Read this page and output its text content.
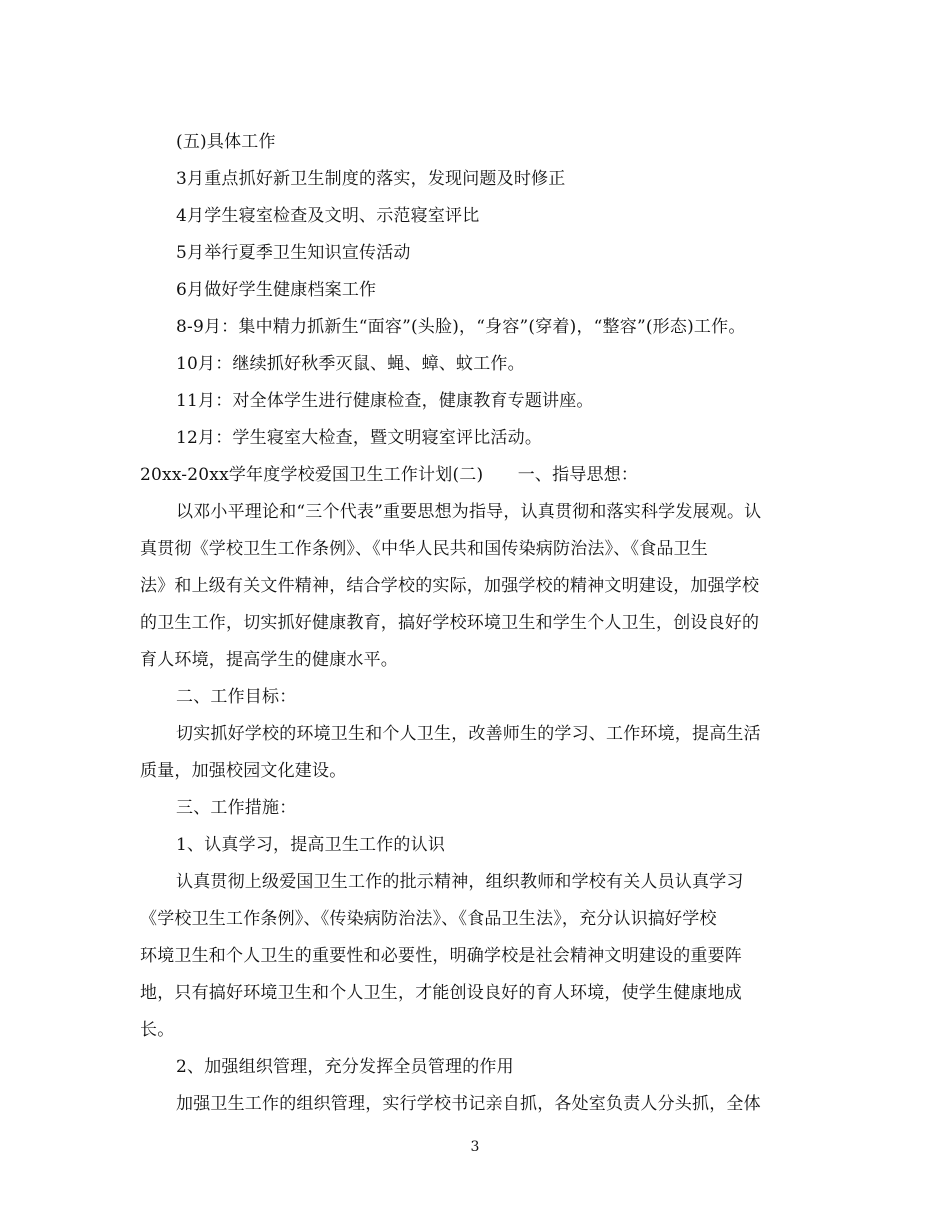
(五)具体工作
3月重点抓好新卫生制度的落实，发现问题及时修正
4月学生寝室检查及文明、示范寝室评比
5月举行夏季卫生知识宣传活动
6月做好学生健康档案工作
8-9月：集中精力抓新生“面容”(头脸)，“身容”(穿着)，“整容”(形态)工作。
10月：继续抓好秋季灭鼠、蝇、蟑、蚊工作。
11月：对全体学生进行健康检查，健康教育专题讲座。
12月：学生寝室大检查，暨文明寝室评比活动。
20xx-20xx学年度学校爱国卫生工作计划(二)　　一、指导思想：
以邓小平理论和“三个代表”重要思想为指导，认真贯彻和落实科学发展观。认
真贯彻《学校卫生工作条例》、《中华人民共和国传染病防治法》、《食品卫生
法》和上级有关文件精神，结合学校的实际，加强学校的精神文明建设，加强学校
的卫生工作，切实抓好健康教育，搞好学校环境卫生和学生个人卫生，创设良好的
育人环境，提高学生的健康水平。
二、工作目标：
切实抓好学校的环境卫生和个人卫生，改善师生的学习、工作环境，提高生活
质量，加强校园文化建设。
三、工作措施：
1、认真学习，提高卫生工作的认识
认真贯彻上级爱国卫生工作的批示精神，组织教师和学校有关人员认真学习
《学校卫生工作条例》、《传染病防治法》、《食品卫生法》，充分认识搞好学校
环境卫生和个人卫生的重要性和必要性，明确学校是社会精神文明建设的重要阵
地，只有搞好环境卫生和个人卫生，才能创设良好的育人环境，使学生健康地成
长。
2、加强组织管理，充分发挥全员管理的作用
加强卫生工作的组织管理，实行学校书记亲自抓，各处室负责人分头抓，全体
3
